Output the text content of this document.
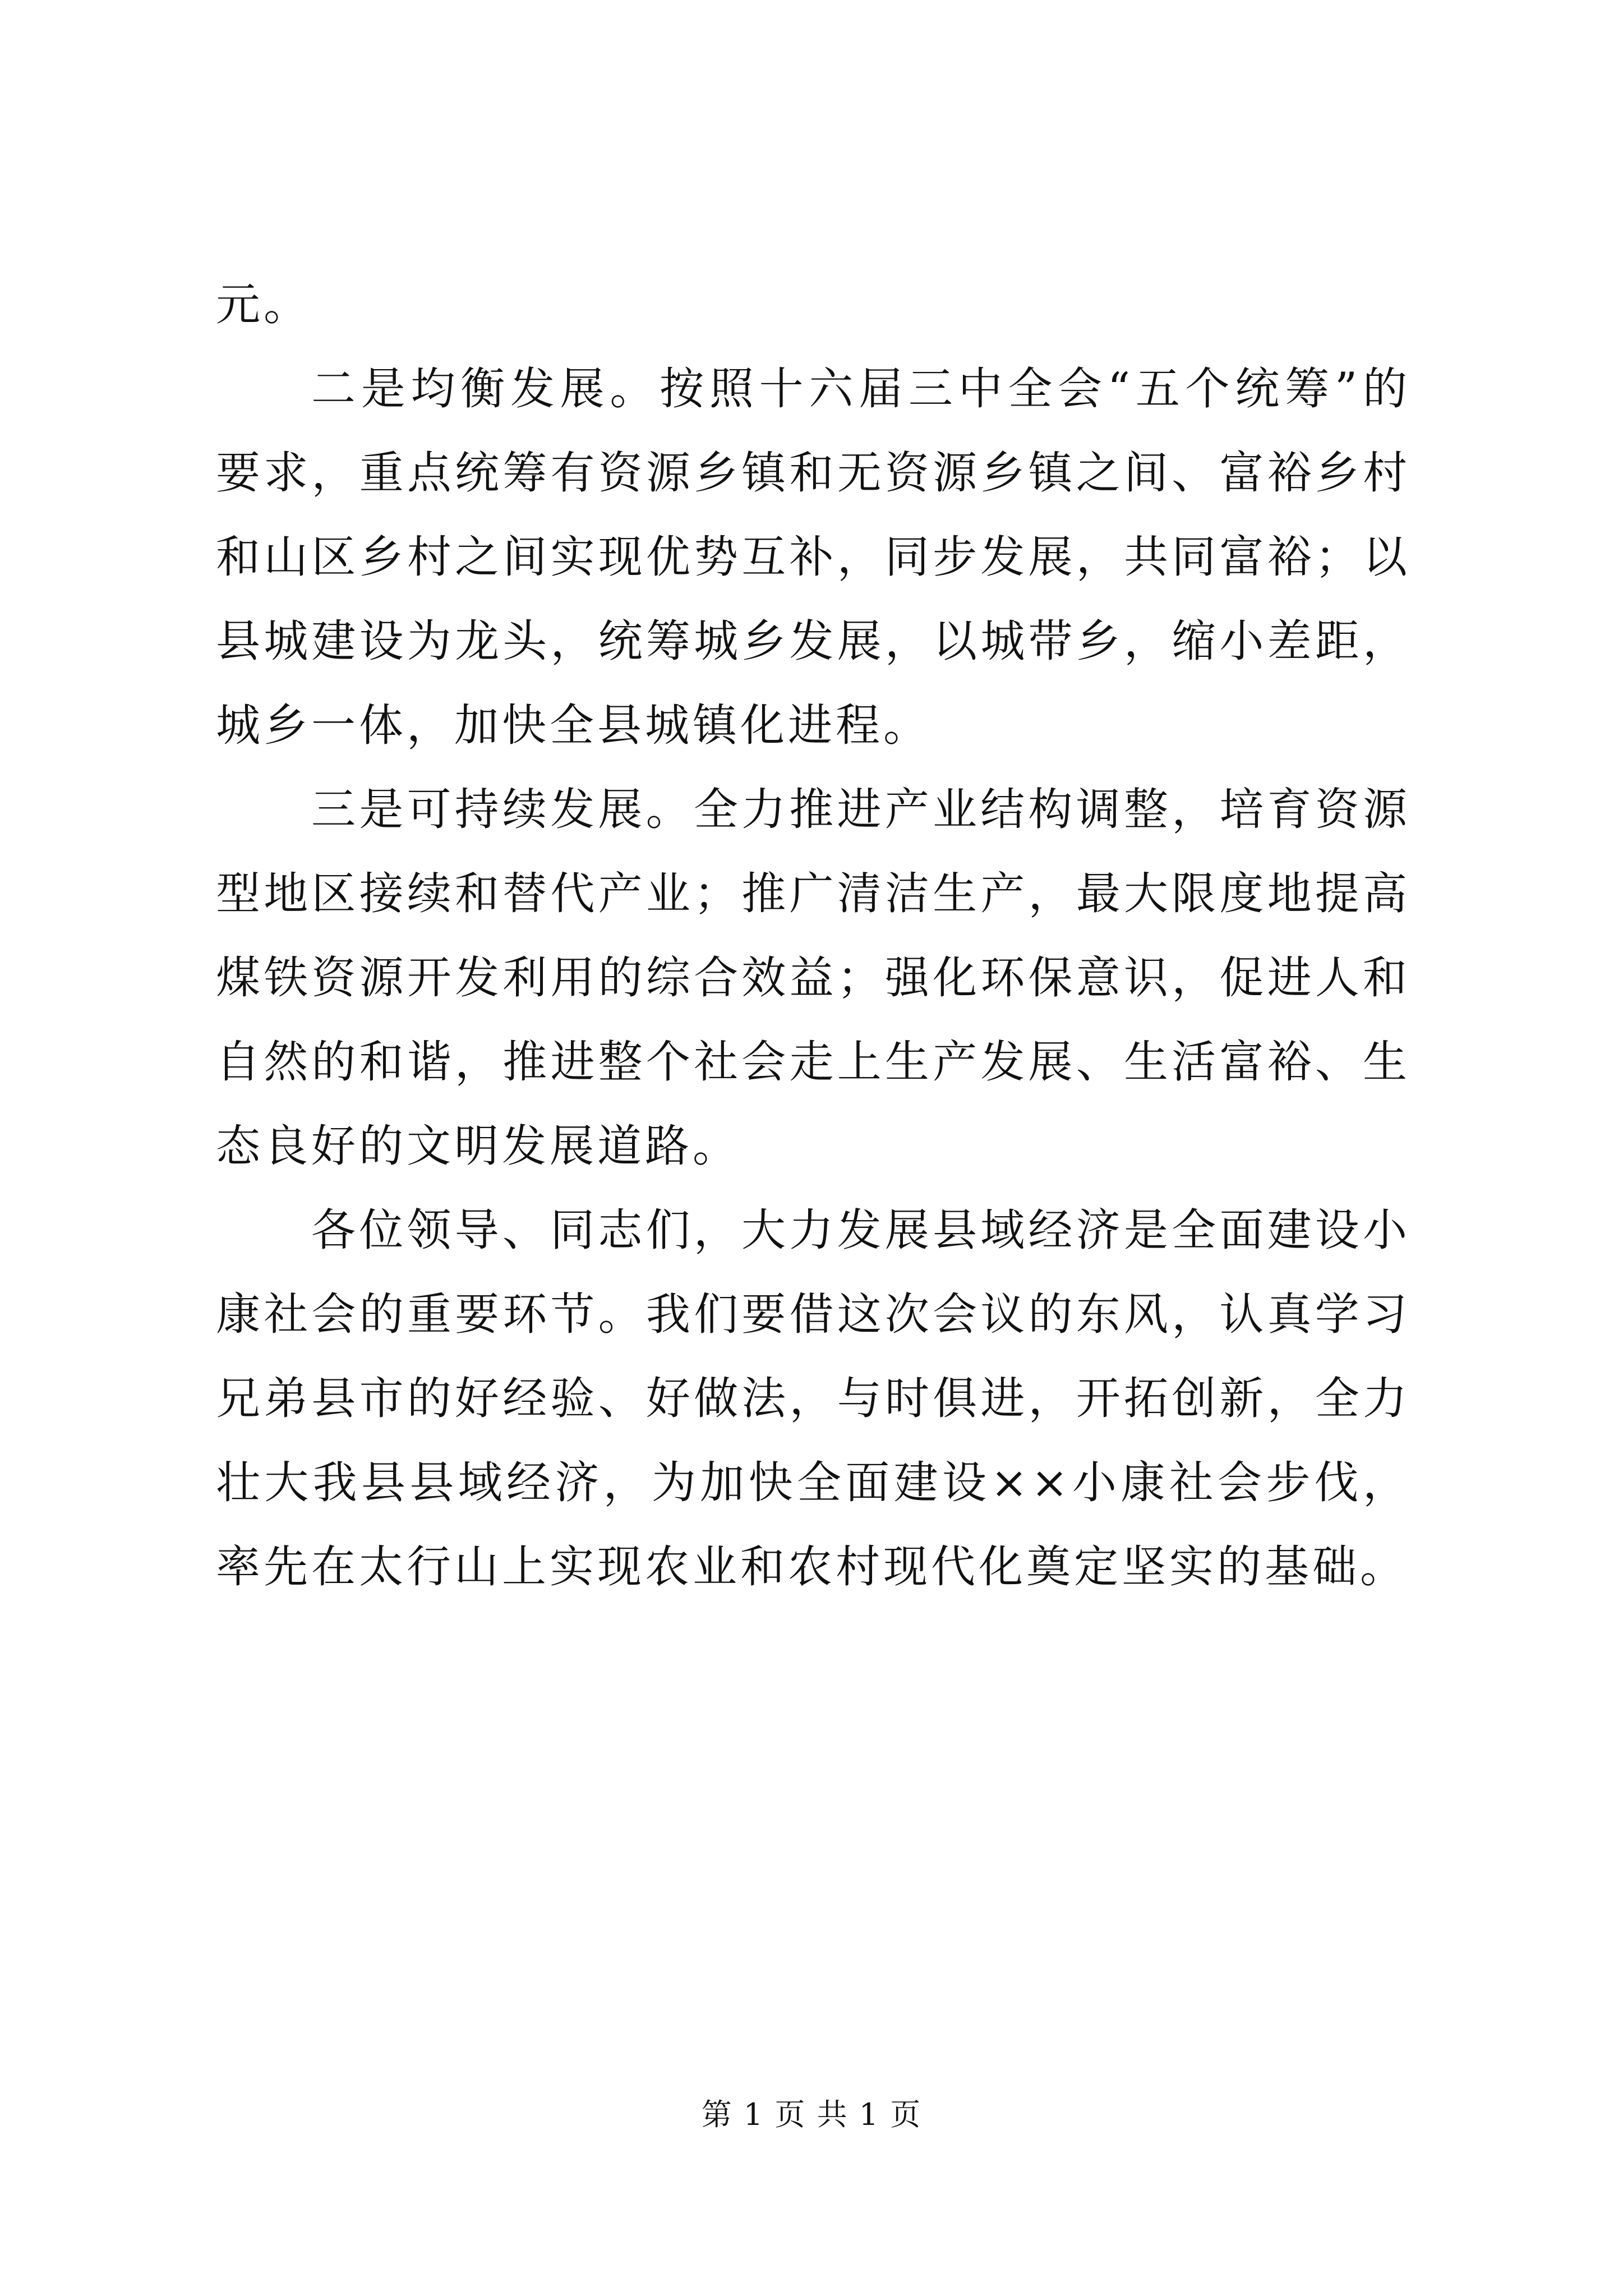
元。

二是均衡发展。按照十六届三中全会“五个统筹”的要求，重点统筹有资源乡镇和无资源乡镇之间、富裕乡村和山区乡村之间实现优势互补，同步发展，共同富裕；以县城建设为龙头，统筹城乡发展，以城带乡，缩小差距，城乡一体，加快全县城镇化进程。

三是可持续发展。全力推进产业结构调整，培育资源型地区接续和替代产业；推广清洁生产，最大限度地提高煤铁资源开发利用的综合效益；强化环保意识，促进人和自然的和谐，推进整个社会走上生产发展、生活富裕、生态良好的文明发展道路。

各位领导、同志们，大力发展县域经济是全面建设小康社会的重要环节。我们要借这次会议的东风，认真学习兄弟县市的好经验、好做法，与时俱进，开拓创新，全力壮大我县县域经济，为加快全面建设××小康社会步伐，率先在太行山上实现农业和农村现代化奠定坚实的基础。

第 1 页 共 1 页
